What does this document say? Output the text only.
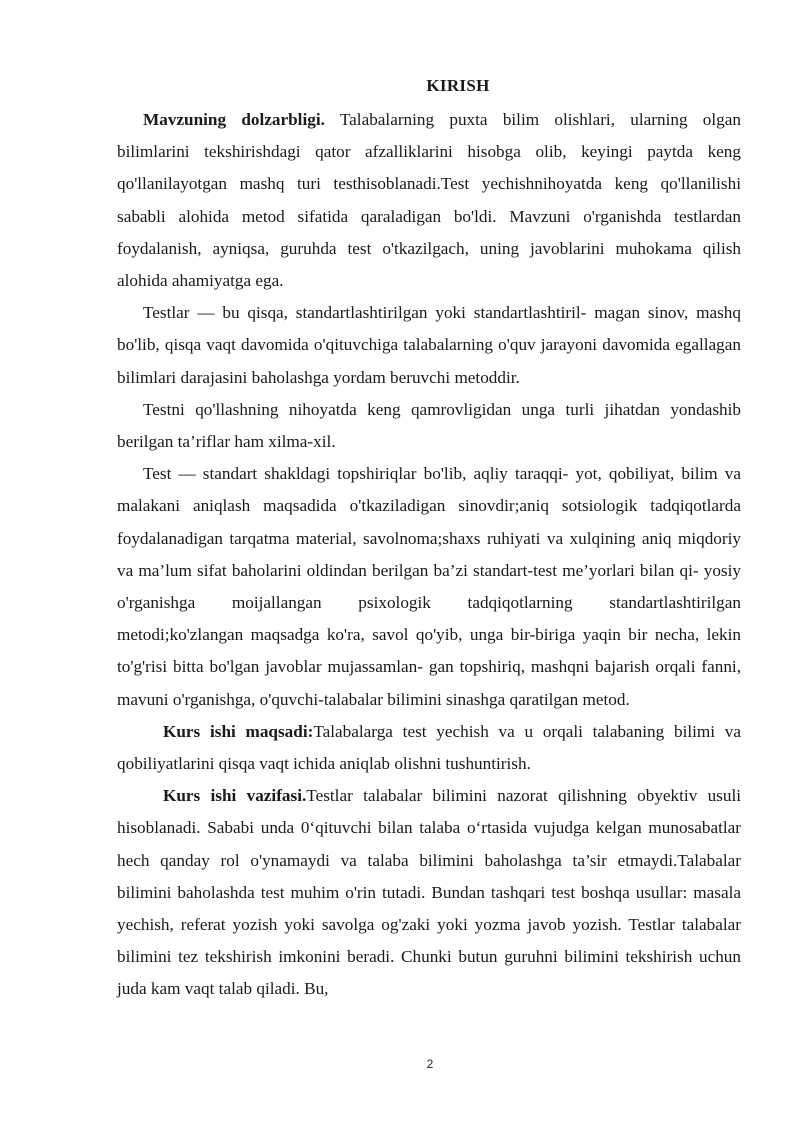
KIRISH

Mavzuning dolzarbligi. Talabalarning puxta bilim olishlari, ularning olgan bilimlarini tekshirishdagi qator afzalliklarini hisobga olib, keyingi paytda keng qo'llanilayotgan mashq turi testhisoblanadi.Test yechishnihoyatda keng qo'llanilishi sababli alohida metod sifatida qaraladigan bo'ldi. Mavzuni o'rganishda testlardan foydalanish, ayniqsa, guruhda test o'tkazilgach, uning javoblarini muhokama qilish alohida ahamiyatga ega.

Testlar — bu qisqa, standartlashtirilgan yoki standartlashtiril- magan sinov, mashq bo'lib, qisqa vaqt davomida o'qituvchiga talabalarning o'quv jarayoni davomida egallagan bilimlari darajasini baholashga yordam beruvchi metoddir.

Testni qo'llashning nihoyatda keng qamrovligidan unga turli jihatdan yondashib berilgan ta’riflar ham xilma-xil.

Test — standart shakldagi topshiriqlar bo'lib, aqliy taraqqi- yot, qobiliyat, bilim va malakani aniqlash maqsadida o'tkaziladigan sinovdir;aniq sotsiologik tadqiqotlarda foydalanadigan tarqatma material, savolnoma;shaxs ruhiyati va xulqining aniq miqdoriy va ma’lum sifat baholarini oldindan berilgan ba’zi standart-test me’yorlari bilan qi- yosiy o'rganishga moijallangan psixologik tadqiqotlarning standartlashtirilgan metodi;ko'zlangan maqsadga ko'ra, savol qo'yib, unga bir-biriga yaqin bir necha, lekin to'g'risi bitta bo'lgan javoblar mujassamlan- gan topshiriq, mashqni bajarish orqali fanni, mavuni o'rganishga, o'quvchi-talabalar bilimini sinashga qaratilgan metod.

Kurs ishi maqsadi:Talabalarga test yechish va u orqali talabaning bilimi va qobiliyatlarini qisqa vaqt ichida aniqlab olishni tushuntirish.

Kurs ishi vazifasi.Testlar talabalar bilimini nazorat qilishning obyektiv usuli hisoblanadi. Sababi unda 0‘qituvchi bilan talaba o‘rtasida vujudga kelgan munosabatlar hech qanday rol o'ynamaydi va talaba bilimini baholashga ta’sir etmaydi.Talabalar bilimini baholashda test muhim o'rin tutadi. Bundan tashqari test boshqa usullar: masala yechish, referat yozish yoki savolga og'zaki yoki yozma javob yozish. Testlar talabalar bilimini tez tekshirish imkonini beradi. Chunki butun guruhni bilimini tekshirish uchun juda kam vaqt talab qiladi. Bu,

2
